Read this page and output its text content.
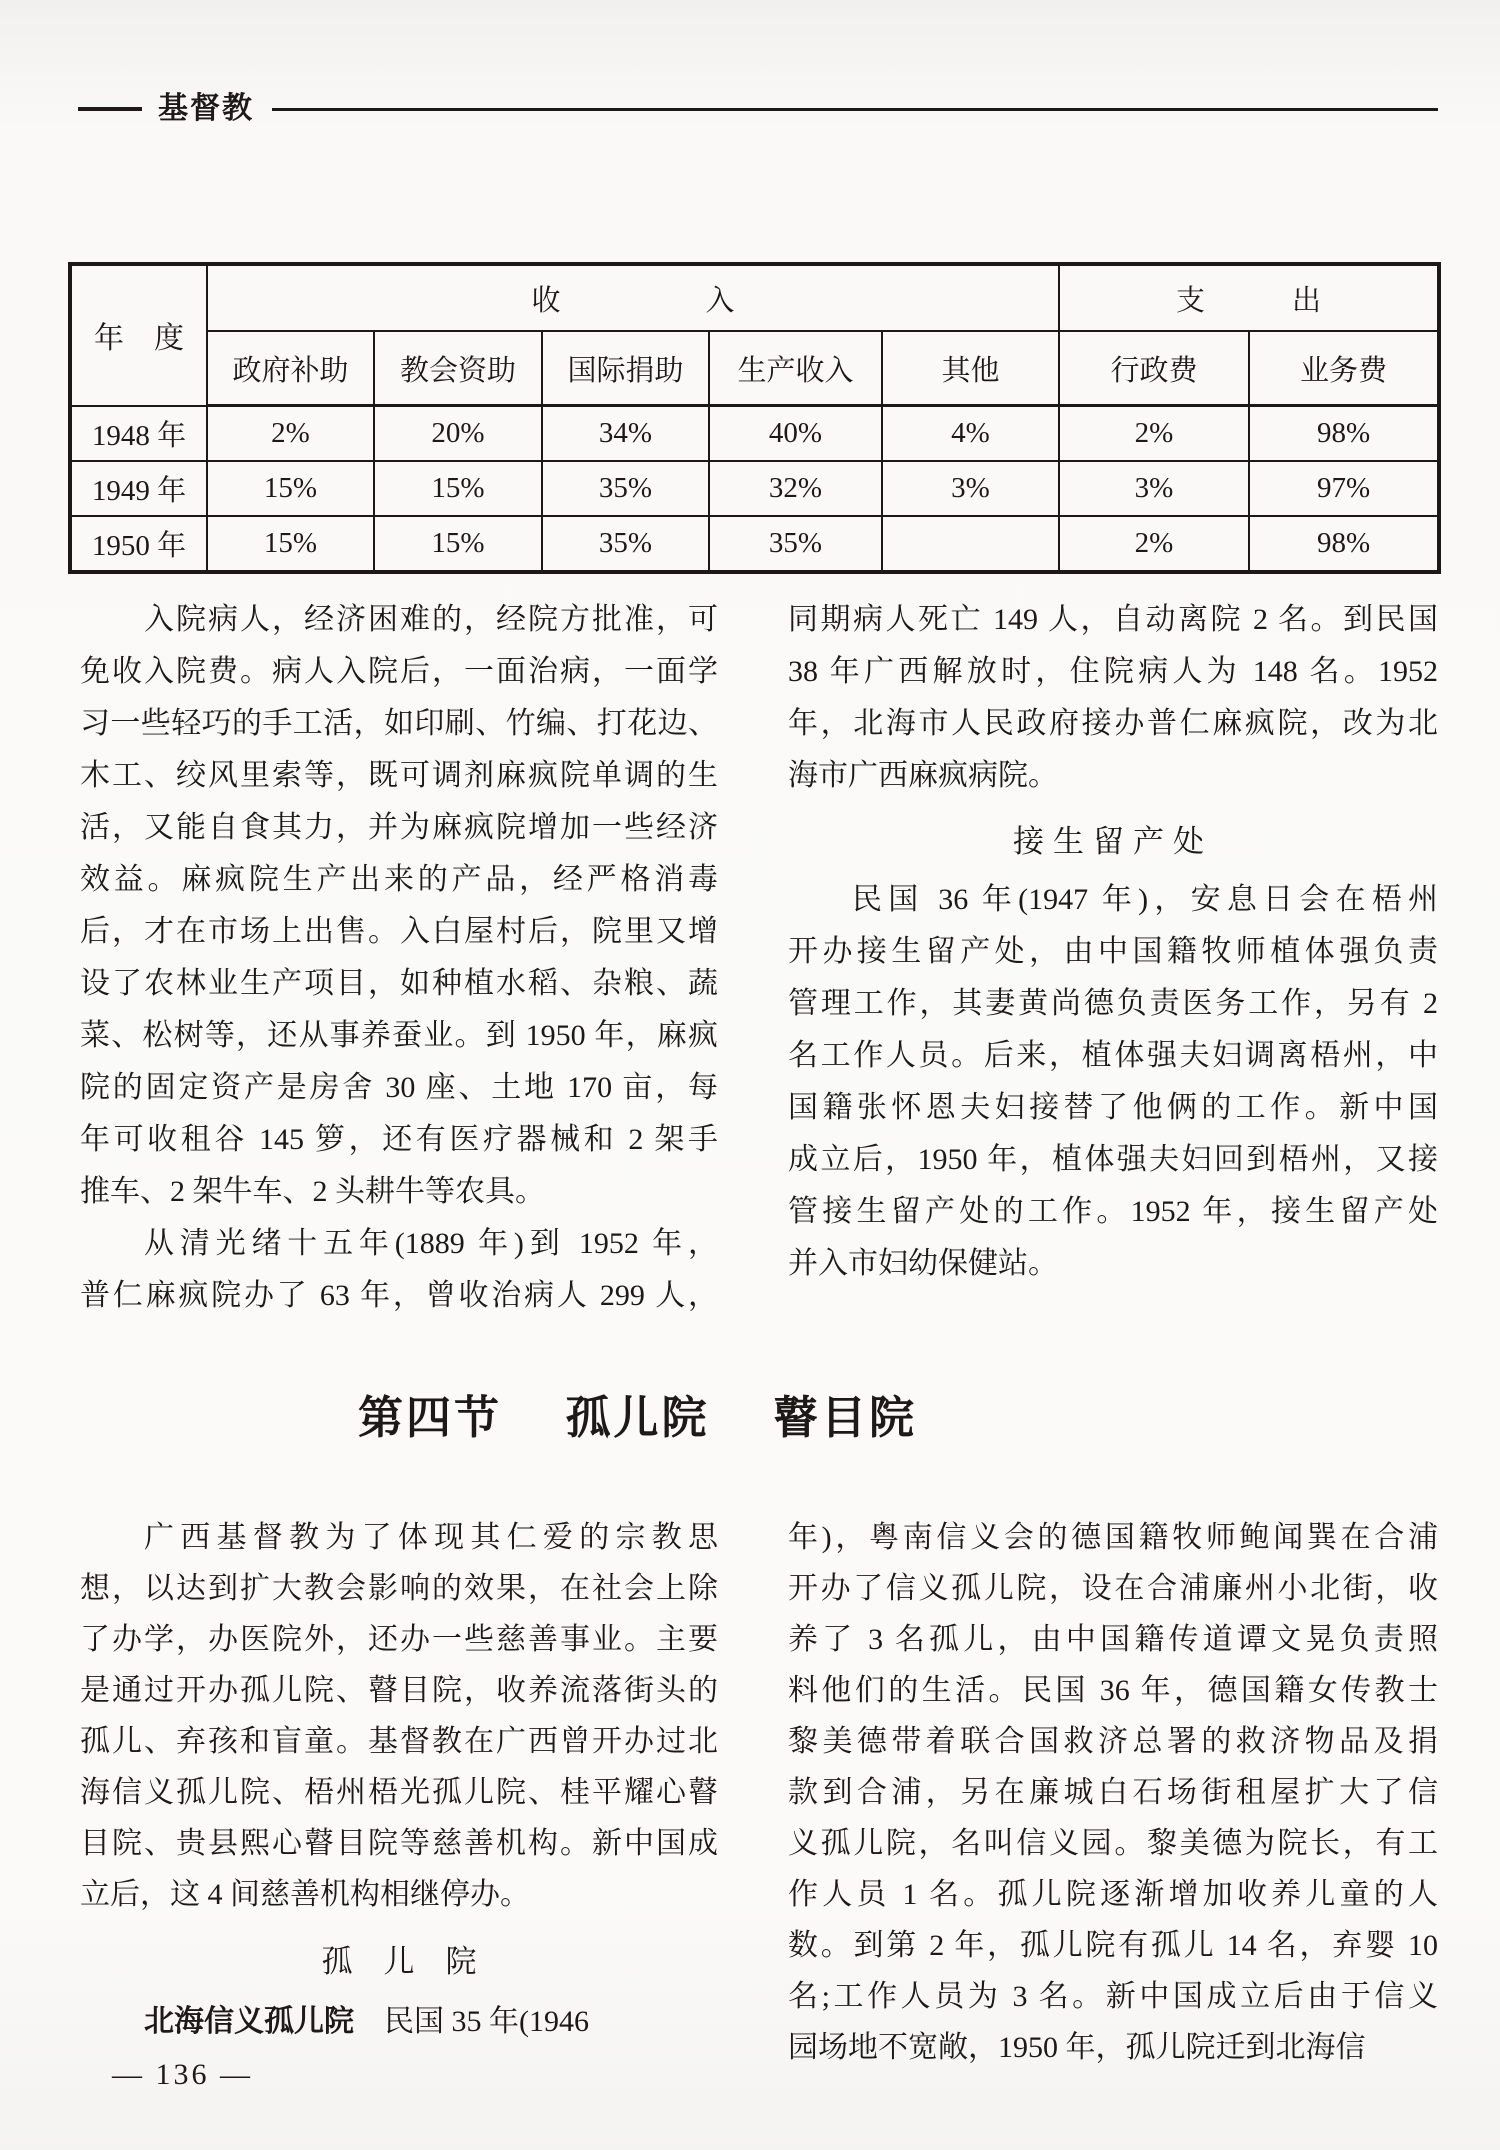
基督教
年　度	收　　　　　入					支　　　出	
	政府补助	教会资助	国际捐助	生产收入	其他	行政费	业务费
1948 年	2%	20%	34%	40%	4%	2%	98%
1949 年	15%	15%	35%	32%	3%	3%	97%
1950 年	15%	15%	35%	35%		2%	98%
入院病人，经济困难的，经院方批准，可
免收入院费。病人入院后，一面治病，一面学
习一些轻巧的手工活，如印刷、竹编、打花边、
木工、绞风里索等，既可调剂麻疯院单调的生
活，又能自食其力，并为麻疯院增加一些经济
效益。麻疯院生产出来的产品，经严格消毒
后，才在市场上出售。入白屋村后，院里又增
设了农林业生产项目，如种植水稻、杂粮、蔬
菜、松树等，还从事养蚕业。到 1950 年，麻疯
院的固定资产是房舍 30 座、土地 170 亩，每
年可收租谷 145 箩，还有医疗器械和 2 架手
推车、2 架牛车、2 头耕牛等农具。
从清光绪十五年(1889 年)到 1952 年，
普仁麻疯院办了 63 年，曾收治病人 299 人，
同期病人死亡 149 人，自动离院 2 名。到民国
38 年广西解放时，住院病人为 148 名。1952
年，北海市人民政府接办普仁麻疯院，改为北
海市广西麻疯病院。
接生留产处
民国 36 年(1947 年)，安息日会在梧州
开办接生留产处，由中国籍牧师植体强负责
管理工作，其妻黄尚德负责医务工作，另有 2
名工作人员。后来，植体强夫妇调离梧州，中
国籍张怀恩夫妇接替了他俩的工作。新中国
成立后，1950 年，植体强夫妇回到梧州，又接
管接生留产处的工作。1952 年，接生留产处
并入市妇幼保健站。
第四节　 孤儿院　 瞽目院
广西基督教为了体现其仁爱的宗教思
想，以达到扩大教会影响的效果，在社会上除
了办学，办医院外，还办一些慈善事业。主要
是通过开办孤儿院、瞽目院，收养流落街头的
孤儿、弃孩和盲童。基督教在广西曾开办过北
海信义孤儿院、梧州梧光孤儿院、桂平耀心瞽
目院、贵县熙心瞽目院等慈善机构。新中国成
立后，这 4 间慈善机构相继停办。
孤　儿　院
北海信义孤儿院　民国 35 年(1946
年)，粤南信义会的德国籍牧师鲍闻巽在合浦
开办了信义孤儿院，设在合浦廉州小北街，收
养了 3 名孤儿，由中国籍传道谭文晃负责照
料他们的生活。民国 36 年，德国籍女传教士
黎美德带着联合国救济总署的救济物品及捐
款到合浦，另在廉城白石场街租屋扩大了信
义孤儿院，名叫信义园。黎美德为院长，有工
作人员 1 名。孤儿院逐渐增加收养儿童的人
数。到第 2 年，孤儿院有孤儿 14 名，弃婴 10
名;工作人员为 3 名。新中国成立后由于信义
园场地不宽敞，1950 年，孤儿院迁到北海信
— 136 —
